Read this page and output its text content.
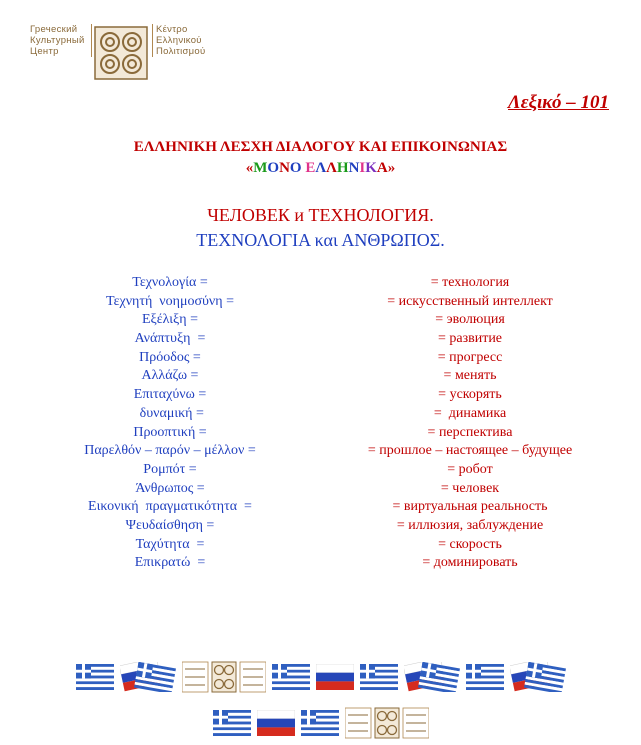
Греческий
Культурный
Центр
Κέντρο
Ελληνικού
Πολιτισμού
Λεξικό – 101
ΕΛΛΗΝΙΚΗ ΛΕΣΧΗ ΔΙΑΛΟΓΟΥ ΚΑΙ ΕΠΙΚΟΙΝΩΝΙΑΣ
«ΜΟΝΟ ΕΛΛΗΝΙΚΑ»
ЧЕЛОВЕК и ТЕХНОЛОГИЯ.
ΤΕΧΝΟΛΟΓΙΑ και ΑΝΘΡΩΠΟΣ.
Τεχνολογία =	= технология
Τεχνητή  νοημοσύνη =	= искусственный интеллект
Εξέλιξη =	= эволюция
Ανάπτυξη  =	= развитие
Πρόοδος =	= прогресс
Αλλάζω =	= менять
Επιταχύνω =	= ускорять
δυναμική =	=  динамика
Προοπτική =	= перспектива
Παρελθόν – παρόν – μέλλον =	= прошлое – настоящее – будущее
Ρομπότ =	= робот
Άνθρωπος =	= человек
Εικονική  πραγματικότητα  =	= виртуальная реальность
Ψευδαίσθηση =	= иллюзия, заблуждение
Ταχύτητα  =	= скорость
Επικρατώ  =	= доминировать
